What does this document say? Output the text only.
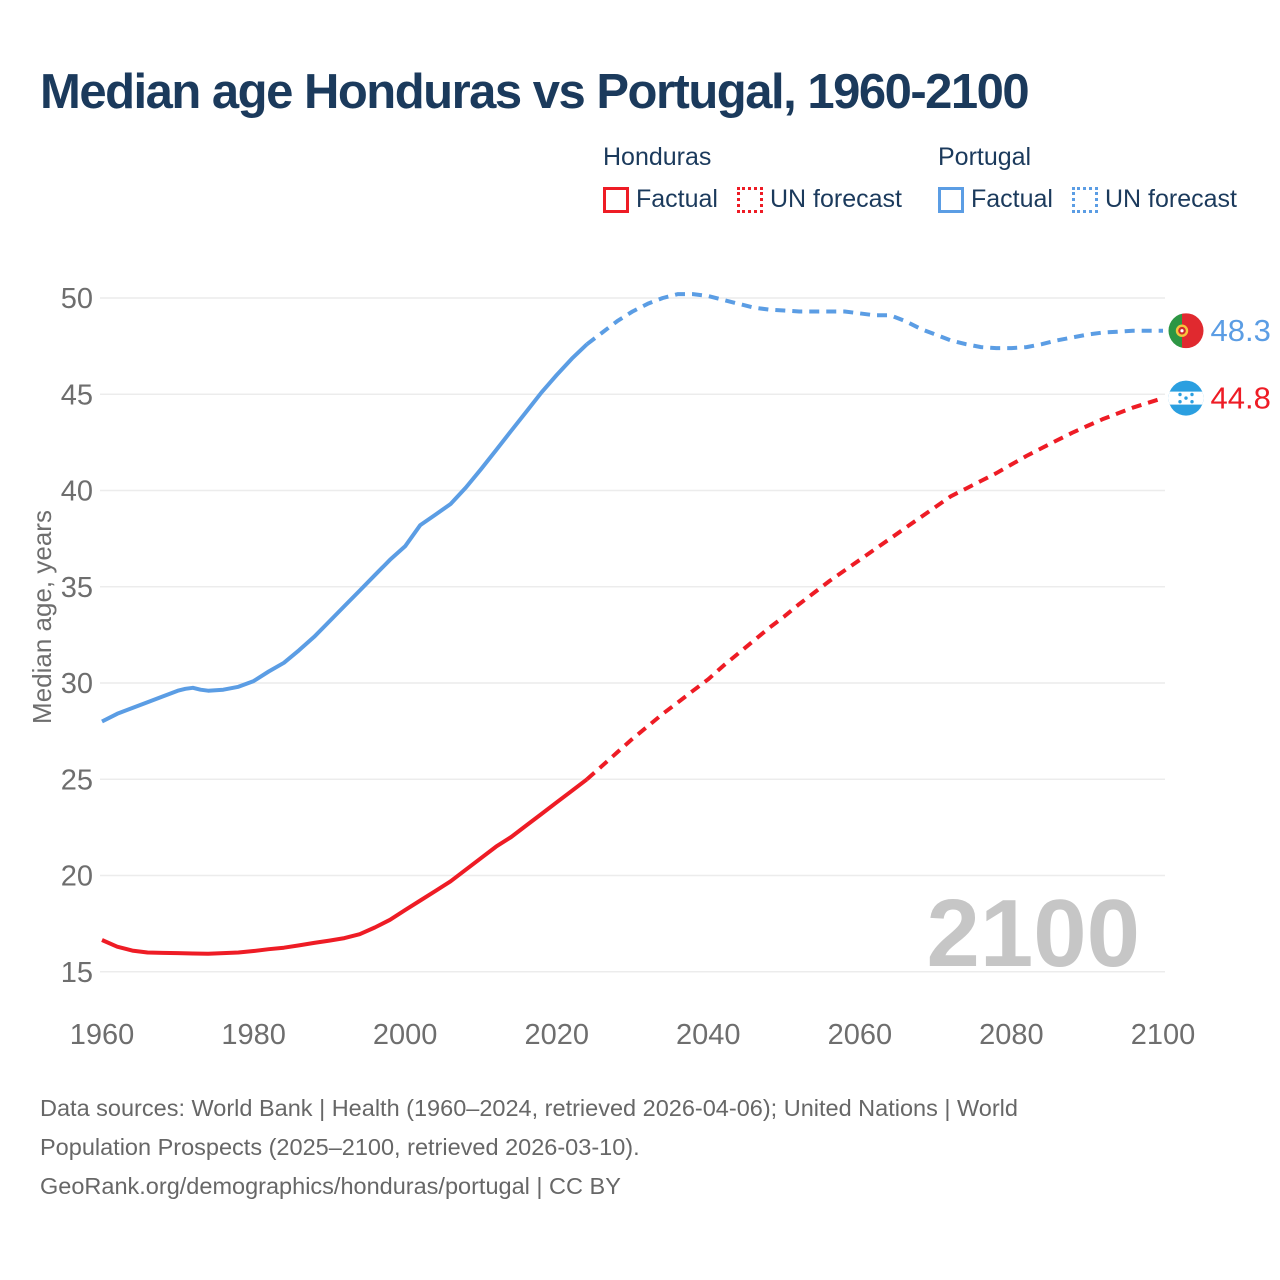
Median age Honduras vs Portugal, 1960-2100
Honduras
Factual UN forecast
Portugal
Factual UN forecast
15
20
25
30
35
40
45
50
1960	1980	2000	2020	2040	2060	2080	2100
Median age, years
2100
48.3
44.8
Data sources: World Bank | Health (1960–2024, retrieved 2026-04-06); United Nations | World
Population Prospects (2025–2100, retrieved 2026-03-10).
GeoRank.org/demographics/honduras/portugal | CC BY
